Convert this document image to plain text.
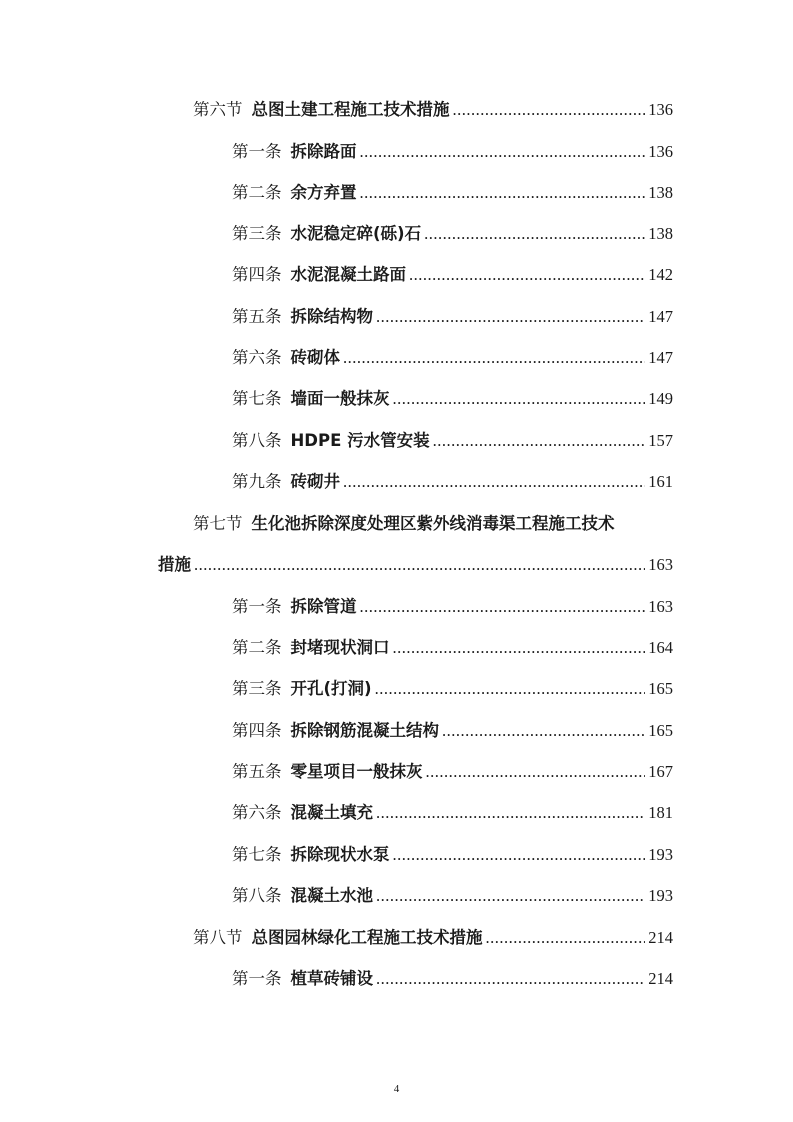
第六节 总图土建工程施工技术措施 .....	136
第一条 拆除路面 .....	136
第二条 余方弃置 .....	138
第三条 水泥稳定碎(砾)石 .....	138
第四条 水泥混凝土路面 .....	142
第五条 拆除结构物 .....	147
第六条 砖砌体 .....	147
第七条 墙面一般抹灰 .....	149
第八条 HDPE 污水管安装 .....	157
第九条 砖砌井 .....	161
第七节 生化池拆除深度处理区紫外线消毒渠工程施工技术
措施 .....	163
第一条 拆除管道 .....	163
第二条 封堵现状洞口 .....	164
第三条 开孔(打洞) .....	165
第四条 拆除钢筋混凝土结构 .....	165
第五条 零星项目一般抹灰 .....	167
第六条 混凝土填充 .....	181
第七条 拆除现状水泵 .....	193
第八条 混凝土水池 .....	193
第八节 总图园林绿化工程施工技术措施 .....	214
第一条 植草砖铺设 .....	214
4
